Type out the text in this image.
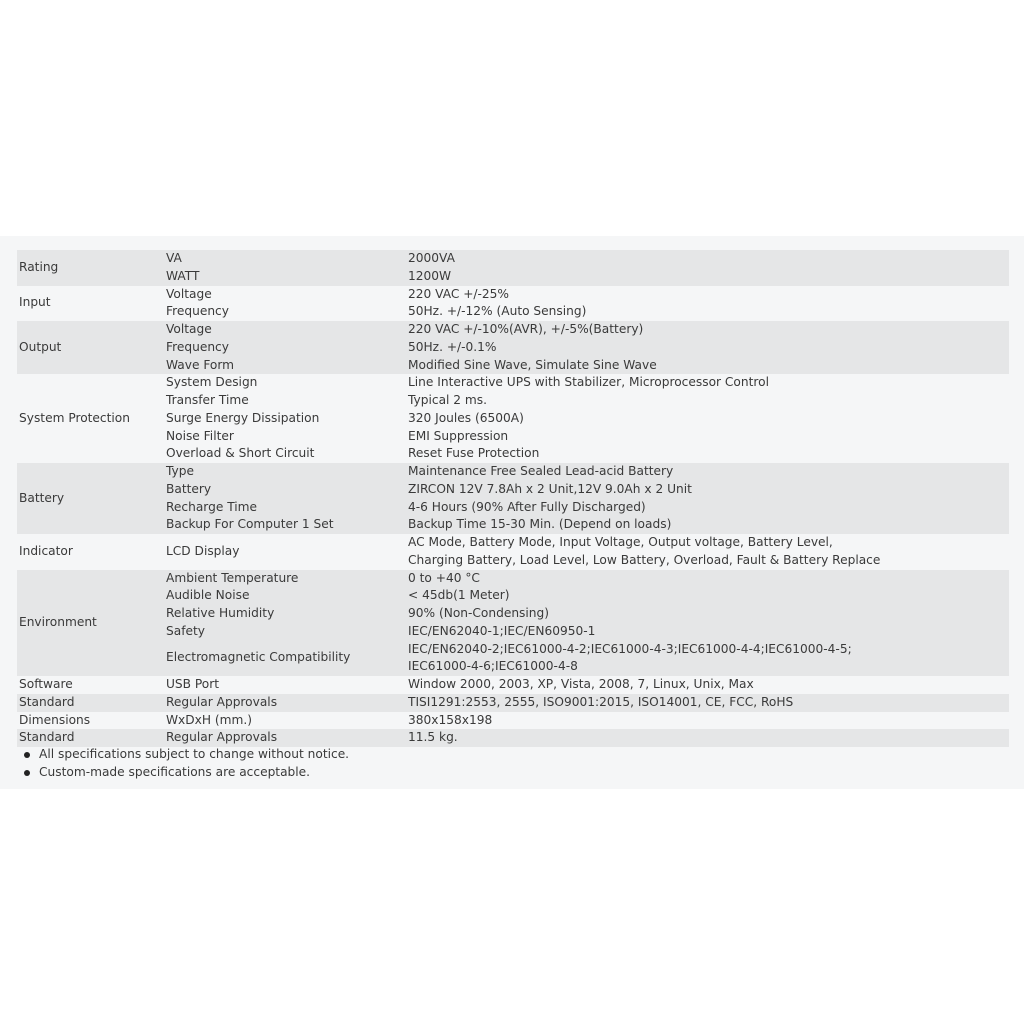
Rating	VA	2000VA
	WATT	1200W
Input	Voltage	220 VAC +/-25%
	Frequency	50Hz. +/-12% (Auto Sensing)
Output	Voltage	220 VAC +/-10%(AVR), +/-5%(Battery)
	Frequency	50Hz. +/-0.1%
	Wave Form	Modified Sine Wave, Simulate Sine Wave
System Protection	System Design	Line Interactive UPS with Stabilizer, Microprocessor Control
	Transfer Time	Typical 2 ms.
	Surge Energy Dissipation	320 Joules (6500A)
	Noise Filter	EMI Suppression
	Overload & Short Circuit	Reset Fuse Protection
Battery	Type	Maintenance Free Sealed Lead-acid Battery
	Battery	ZIRCON 12V 7.8Ah x 2 Unit,12V 9.0Ah x 2 Unit
	Recharge Time	4-6 Hours (90% After Fully Discharged)
	Backup For Computer 1 Set	Backup Time 15-30 Min. (Depend on loads)
Indicator	LCD Display	AC Mode, Battery Mode, Input Voltage, Output voltage, Battery Level,
Charging Battery, Load Level, Low Battery, Overload, Fault & Battery Replace

Environment	Ambient Temperature	0 to +40 °C
	Audible Noise	< 45db(1 Meter)
	Relative Humidity	90% (Non-Condensing)
	Safety	IEC/EN62040-1;IEC/EN60950-1
	Electromagnetic Compatibility	IEC/EN62040-2;IEC61000-4-2;IEC61000-4-3;IEC61000-4-4;IEC61000-4-5;
IEC61000-4-6;IEC61000-4-8

Software	USB Port	Window 2000, 2003, XP, Vista, 2008, 7, Linux, Unix, Max
Standard	Regular Approvals	TISI1291:2553, 2555, ISO9001:2015, ISO14001, CE, FCC, RoHS
Dimensions	WxDxH (mm.)	380x158x198
Standard	Regular Approvals	11.5 kg.
All specifications subject to change without notice.
Custom-made specifications are acceptable.
